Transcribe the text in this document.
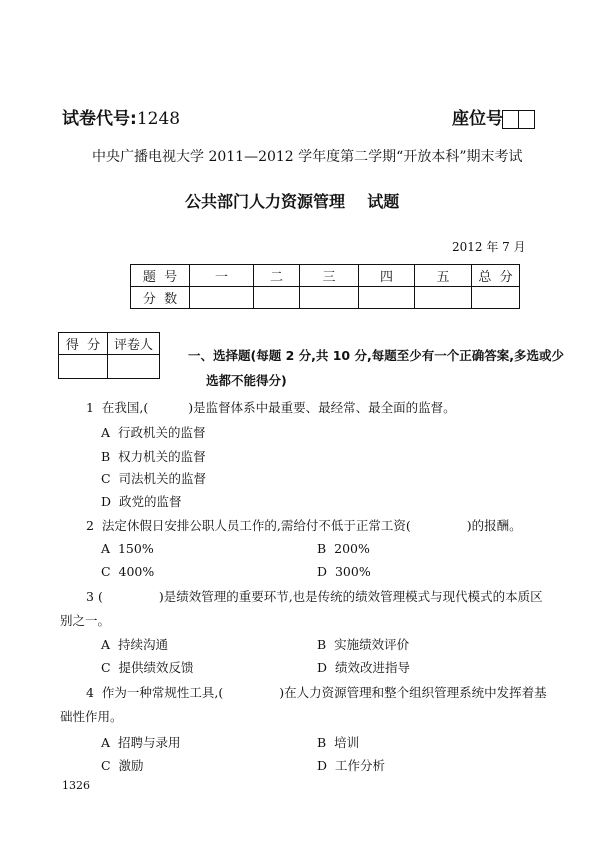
试卷代号:1248	座位号
中央广播电视大学 2011—2012 学年度第二学期“开放本科”期末考试
公共部门人力资源管理    试题
2012 年 7 月
题  号	一	二	三	四	五	总  分
分  数						
得  分	评卷人

一、选择题(每题 2 分,共 10 分,每题至少有一个正确答案,多选或少
选都不能得分)
1 在我国,(	)是监督体系中最重要、最经常、最全面的监督。
A 行政机关的监督
B 权力机关的监督
C 司法机关的监督
D 政党的监督
2 法定休假日安排公职人员工作的,需给付不低于正常工资(	)的报酬。
A 150%	B 200%
C 400%	D 300%
3 (	)是绩效管理的重要环节,也是传统的绩效管理模式与现代模式的本质区
别之一。
A 持续沟通	B 实施绩效评价
C 提供绩效反馈	D 绩效改进指导
4 作为一种常规性工具,(	)在人力资源管理和整个组织管理系统中发挥着基
础性作用。
A 招聘与录用	B 培训
C 激励	D 工作分析
1326
